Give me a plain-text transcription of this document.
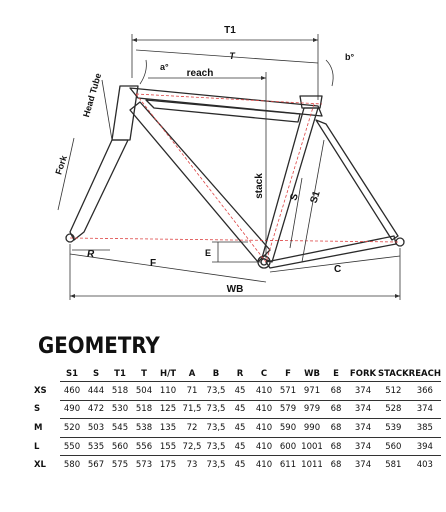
T1
T
a°
b°
reach
stack S S1
Head Tube
Fork
R
F
E
C
WB
GEOMETRY
	S1	S	T1	T	H/T	A	B	R	C	F	WB	E	FORK	STACK	REACH
XS	460	444	518	504	110	71	73,5	45	410	571	971	68	374	512	366
S	490	472	530	518	125	71,5	73,5	45	410	579	979	68	374	528	374
M	520	503	545	538	135	72	73,5	45	410	590	990	68	374	539	385
L	550	535	560	556	155	72,5	73,5	45	410	600	1001	68	374	560	394
XL	580	567	575	573	175	73	73,5	45	410	611	1011	68	374	581	403
